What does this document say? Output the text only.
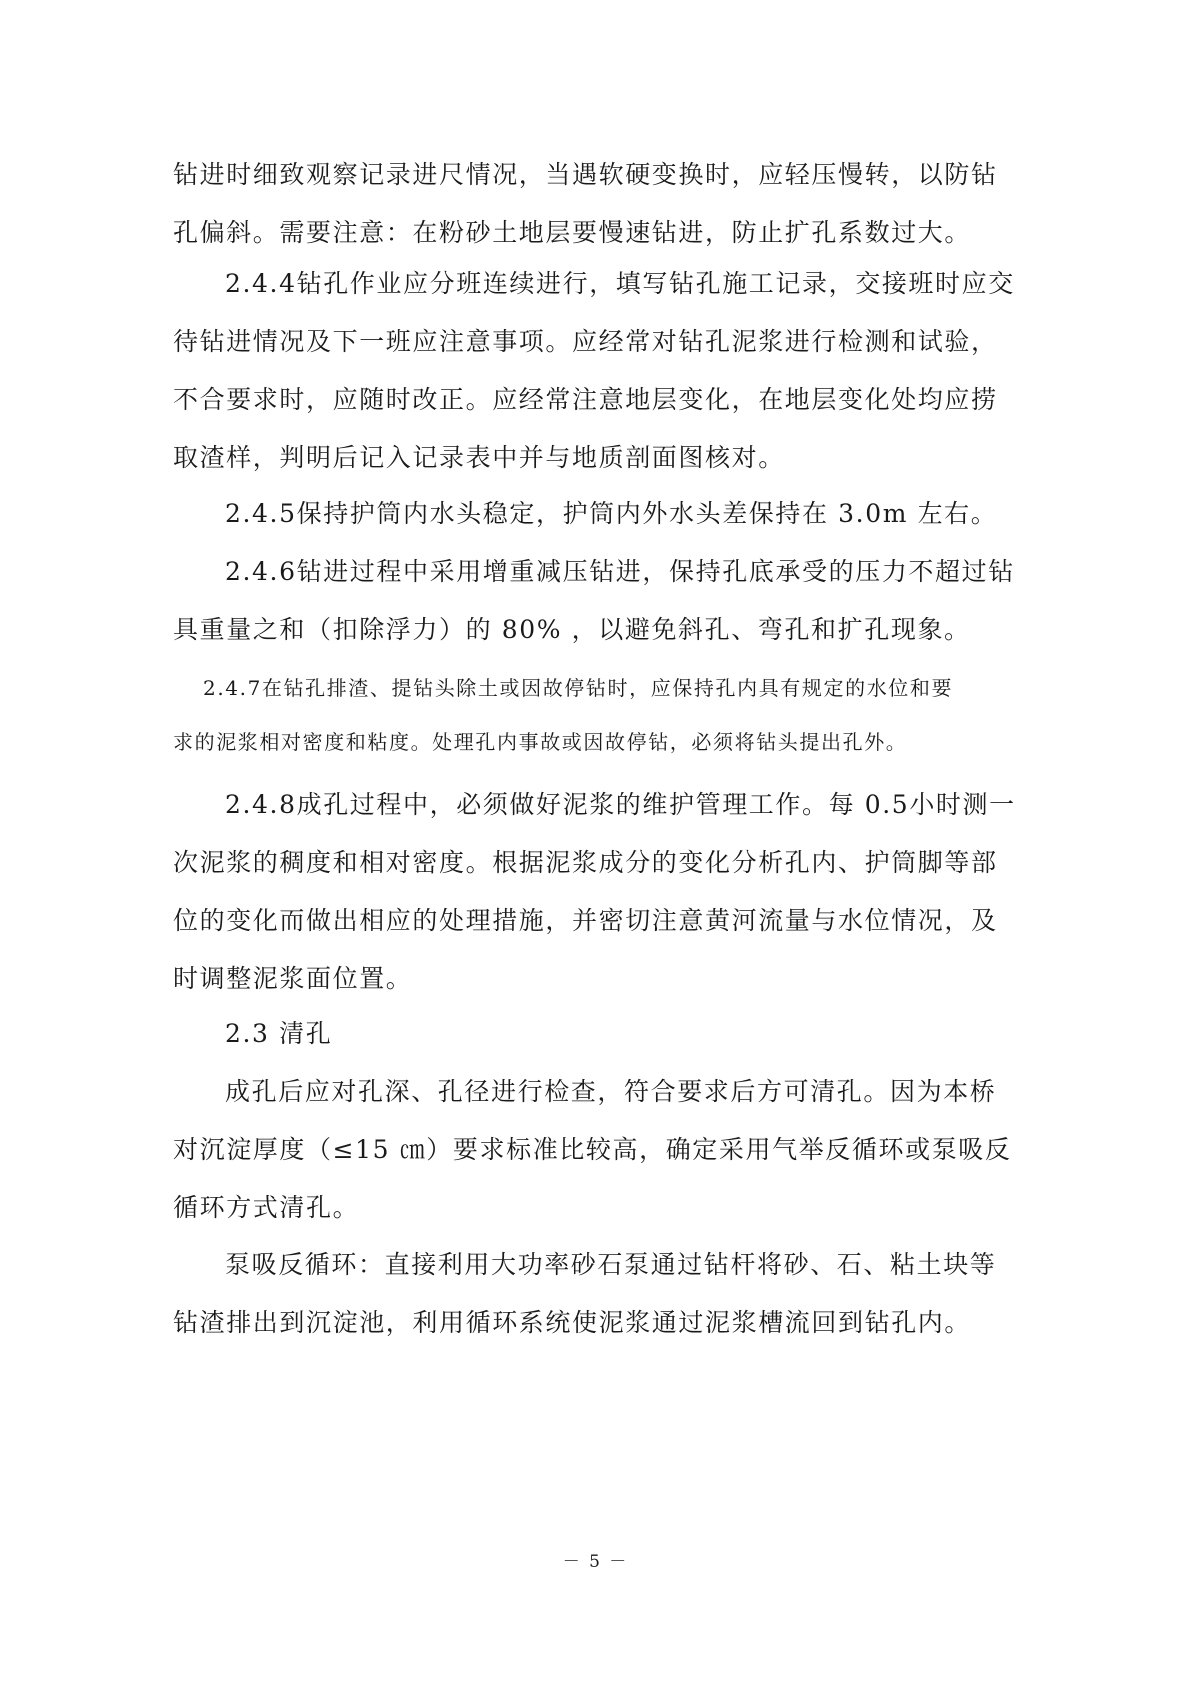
钻进时细致观察记录进尺情况，当遇软硬变换时，应轻压慢转，以防钻
孔偏斜。需要注意：在粉砂土地层要慢速钻进，防止扩孔系数过大。

2.4.4钻孔作业应分班连续进行，填写钻孔施工记录，交接班时应交
待钻进情况及下一班应注意事项。应经常对钻孔泥浆进行检测和试验，
不合要求时，应随时改正。应经常注意地层变化，在地层变化处均应捞
取渣样，判明后记入记录表中并与地质剖面图核对。

2.4.5保持护筒内水头稳定，护筒内外水头差保持在 3.0m 左右。

2.4.6钻进过程中采用增重减压钻进，保持孔底承受的压力不超过钻
具重量之和（扣除浮力）的 80% ，以避免斜孔、弯孔和扩孔现象。

2.4.7在钻孔排渣、提钻头除土或因故停钻时，应保持孔内具有规定的水位和要
求的泥浆相对密度和粘度。处理孔内事故或因故停钻，必须将钻头提出孔外。

2.4.8成孔过程中，必须做好泥浆的维护管理工作。每 0.5小时测一
次泥浆的稠度和相对密度。根据泥浆成分的变化分析孔内、护筒脚等部
位的变化而做出相应的处理措施，并密切注意黄河流量与水位情况，及
时调整泥浆面位置。

2.3 清孔

成孔后应对孔深、孔径进行检查，符合要求后方可清孔。因为本桥
对沉淀厚度（≤15 ㎝）要求标准比较高，确定采用气举反循环或泵吸反
循环方式清孔。

泵吸反循环：直接利用大功率砂石泵通过钻杆将砂、石、粘土块等
钻渣排出到沉淀池，利用循环系统使泥浆通过泥浆槽流回到钻孔内。

－ 5 －
